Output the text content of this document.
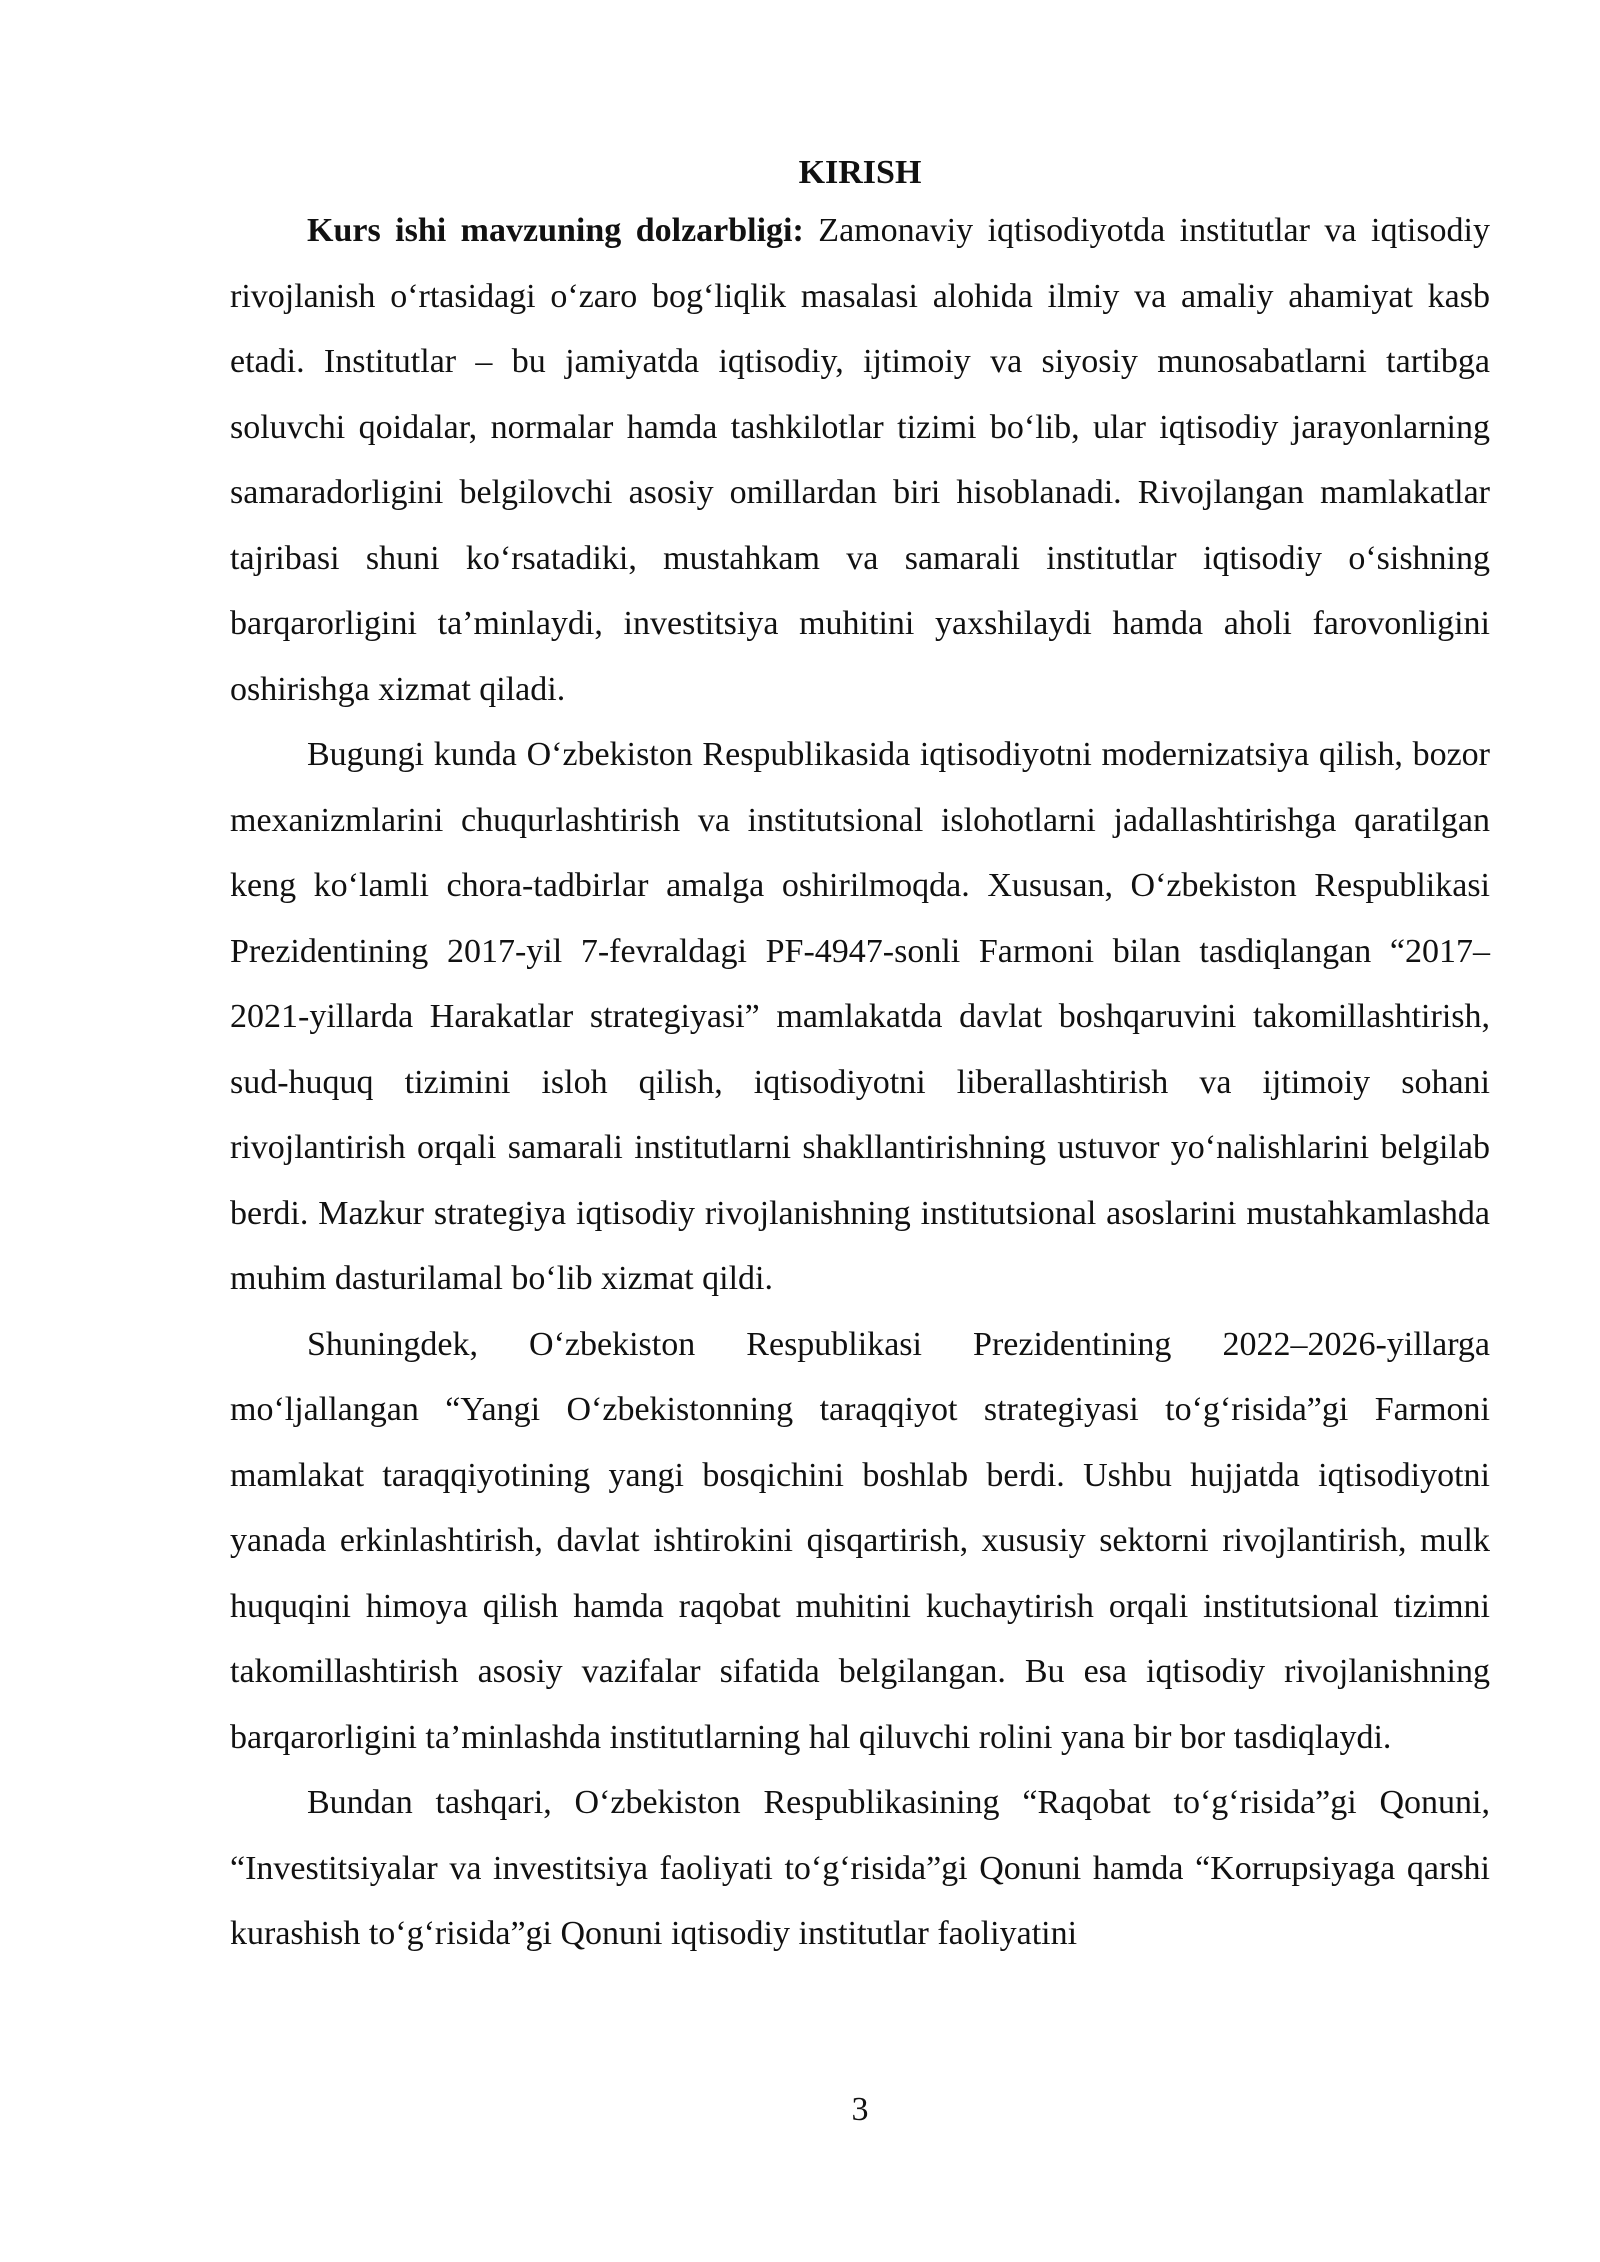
KIRISH

Kurs ishi mavzuning dolzarbligi: Zamonaviy iqtisodiyotda institutlar va iqtisodiy rivojlanish o‘rtasidagi o‘zaro bog‘liqlik masalasi alohida ilmiy va amaliy ahamiyat kasb etadi. Institutlar – bu jamiyatda iqtisodiy, ijtimoiy va siyosiy munosabatlarni tartibga soluvchi qoidalar, normalar hamda tashkilotlar tizimi bo‘lib, ular iqtisodiy jarayonlarning samaradorligini belgilovchi asosiy omillardan biri hisoblanadi. Rivojlangan mamlakatlar tajribasi shuni ko‘rsatadiki, mustahkam va samarali institutlar iqtisodiy o‘sishning barqarorligini ta’minlaydi, investitsiya muhitini yaxshilaydi hamda aholi farovonligini oshirishga xizmat qiladi.

Bugungi kunda O‘zbekiston Respublikasida iqtisodiyotni modernizatsiya qilish, bozor mexanizmlarini chuqurlashtirish va institutsional islohotlarni jadallashtirishga qaratilgan keng ko‘lamli chora-tadbirlar amalga oshirilmoqda. Xususan, O‘zbekiston Respublikasi Prezidentining 2017-yil 7-fevraldagi PF-4947-sonli Farmoni bilan tasdiqlangan “2017–2021-yillarda Harakatlar strategiyasi” mamlakatda davlat boshqaruvini takomillashtirish, sud-huquq tizimini isloh qilish, iqtisodiyotni liberallashtirish va ijtimoiy sohani rivojlantirish orqali samarali institutlarni shakllantirishning ustuvor yo‘nalishlarini belgilab berdi. Mazkur strategiya iqtisodiy rivojlanishning institutsional asoslarini mustahkamlashda muhim dasturilamal bo‘lib xizmat qildi.

Shuningdek, O‘zbekiston Respublikasi Prezidentining 2022–2026-yillarga mo‘ljallangan “Yangi O‘zbekistonning taraqqiyot strategiyasi to‘g‘risida”gi Farmoni mamlakat taraqqiyotining yangi bosqichini boshlab berdi. Ushbu hujjatda iqtisodiyotni yanada erkinlashtirish, davlat ishtirokini qisqartirish, xususiy sektorni rivojlantirish, mulk huquqini himoya qilish hamda raqobat muhitini kuchaytirish orqali institutsional tizimni takomillashtirish asosiy vazifalar sifatida belgilangan. Bu esa iqtisodiy rivojlanishning barqarorligini ta’minlashda institutlarning hal qiluvchi rolini yana bir bor tasdiqlaydi.

Bundan tashqari, O‘zbekiston Respublikasining “Raqobat to‘g‘risida”gi Qonuni, “Investitsiyalar va investitsiya faoliyati to‘g‘risida”gi Qonuni hamda “Korrupsiyaga qarshi kurashish to‘g‘risida”gi Qonuni iqtisodiy institutlar faoliyatini

3
